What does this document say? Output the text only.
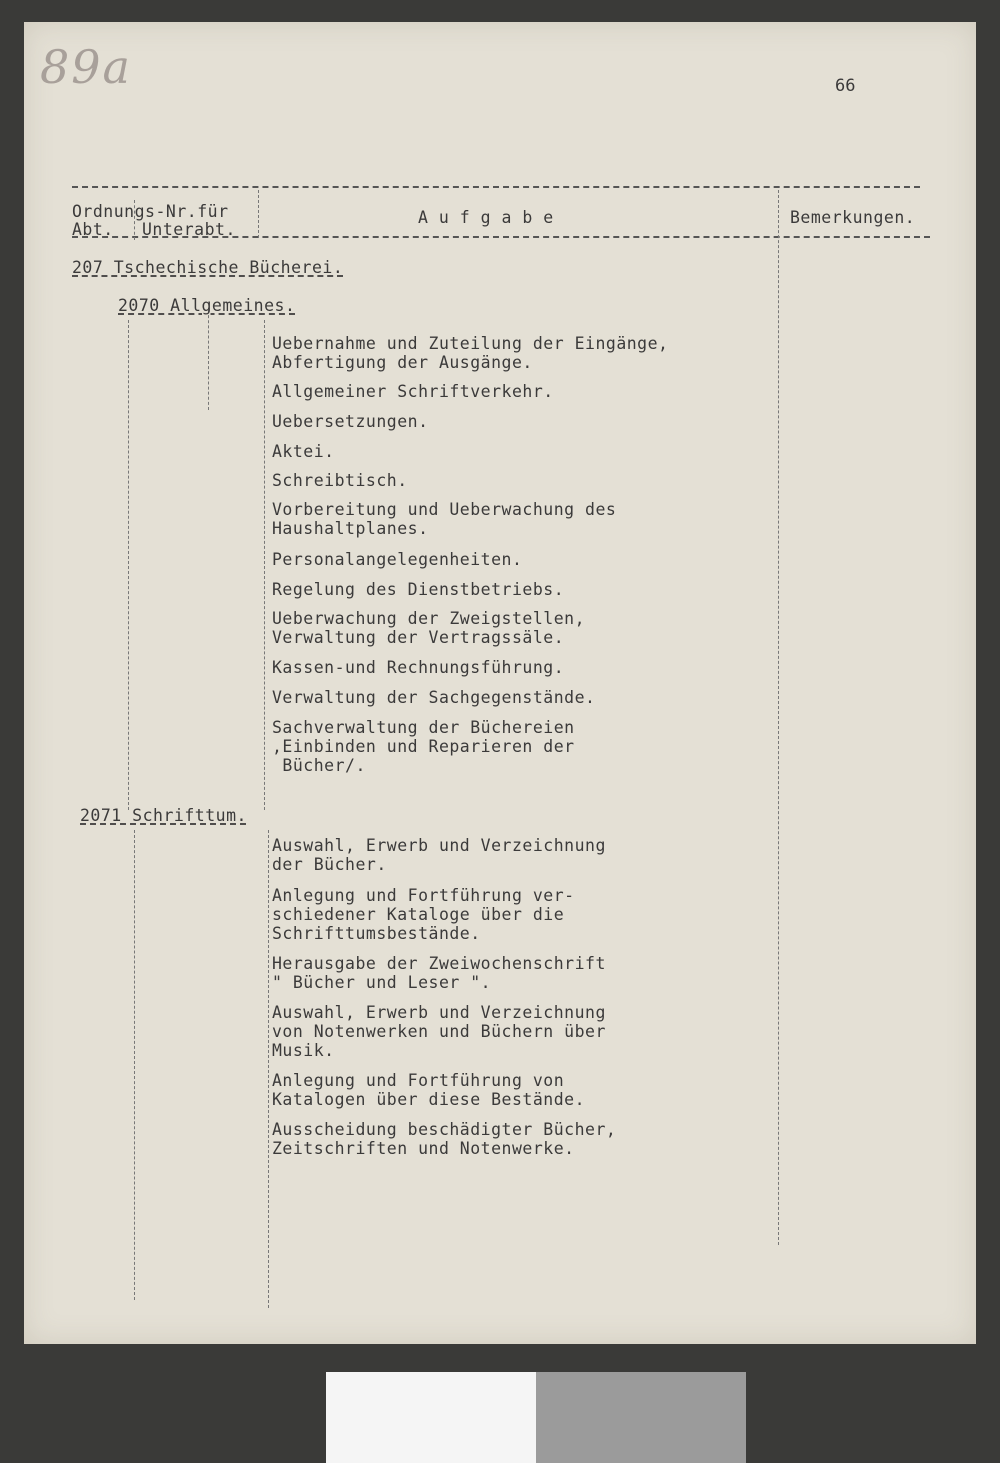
89a	66
Ordnungs-Nr.für
Abt. Unterabt.
A u f g a b e	Bemerkungen.
207 Tschechische Bücherei.
2070 Allgemeines.
Uebernahme und Zuteilung der Eingänge,
Abfertigung der Ausgänge.
Allgemeiner Schriftverkehr.
Uebersetzungen.
Aktei.
Schreibtisch.
Vorbereitung und Ueberwachung des
Haushaltplanes.
Personalangelegenheiten.
Regelung des Dienstbetriebs.
Ueberwachung der Zweigstellen,
Verwaltung der Vertragssäle.
Kassen-und Rechnungsführung.
Verwaltung der Sachgegenstände.
Sachverwaltung der Büchereien
,Einbinden und Reparieren der
Bücher/.
2071 Schrifttum.
Auswahl, Erwerb und Verzeichnung
der Bücher.
Anlegung und Fortführung ver-
schiedener Kataloge über die
Schrifttumsbestände.
Herausgabe der Zweiwochenschrift
" Bücher und Leser ".
Auswahl, Erwerb und Verzeichnung
von Notenwerken und Büchern über
Musik.
Anlegung und Fortführung von
Katalogen über diese Bestände.
Ausscheidung beschädigter Bücher,
Zeitschriften und Notenwerke.
